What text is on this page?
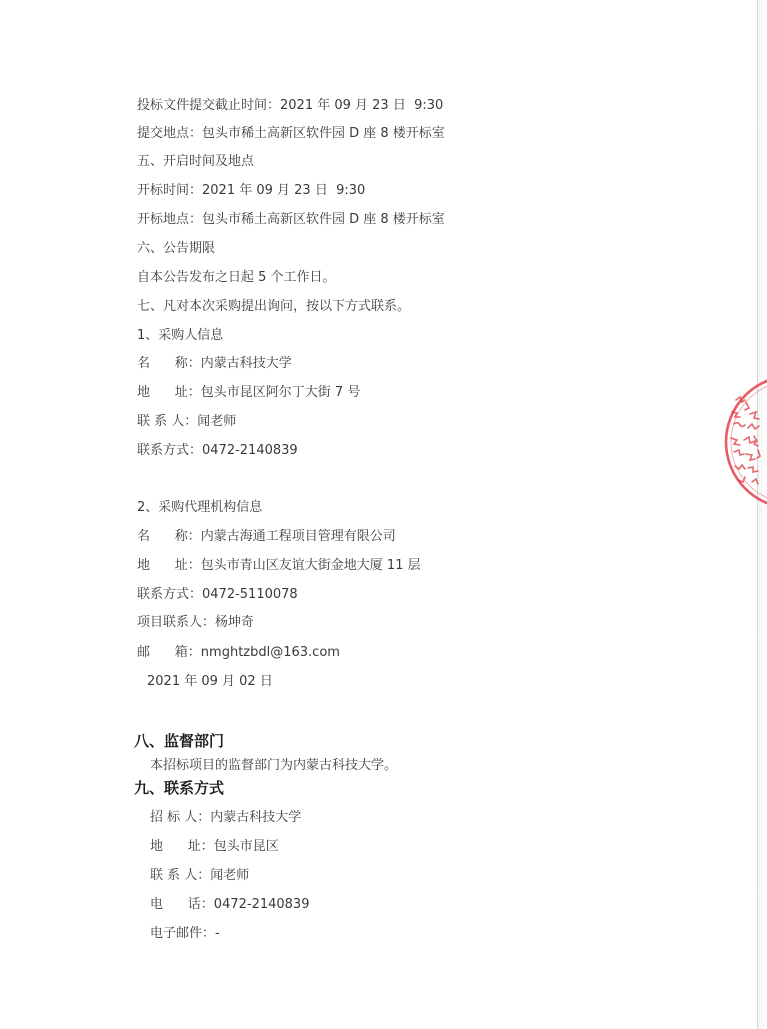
投标文件提交截止时间：2021 年 09 月 23 日  9:30
提交地点：包头市稀土高新区软件园 D 座 8 楼开标室
五、开启时间及地点
开标时间：2021 年 09 月 23 日  9:30
开标地点：包头市稀土高新区软件园 D 座 8 楼开标室
六、公告期限
自本公告发布之日起 5 个工作日。
七、凡对本次采购提出询问，按以下方式联系。
1、采购人信息
名      称：内蒙古科技大学
地      址：包头市昆区阿尔丁大街 7 号
联 系 人：闻老师
联系方式：0472-2140839
2、采购代理机构信息
名      称：内蒙古海通工程项目管理有限公司
地      址：包头市青山区友谊大街金地大厦 11 层
联系方式：0472-5110078
项目联系人：杨坤奇
邮      箱：nmghtzbdl@163.com
2021 年 09 月 02 日
八、监督部门
本招标项目的监督部门为内蒙古科技大学。
九、联系方式
招 标 人：内蒙古科技大学
地      址：包头市昆区
联 系 人：闻老师
电      话：0472-2140839
电子邮件：-
